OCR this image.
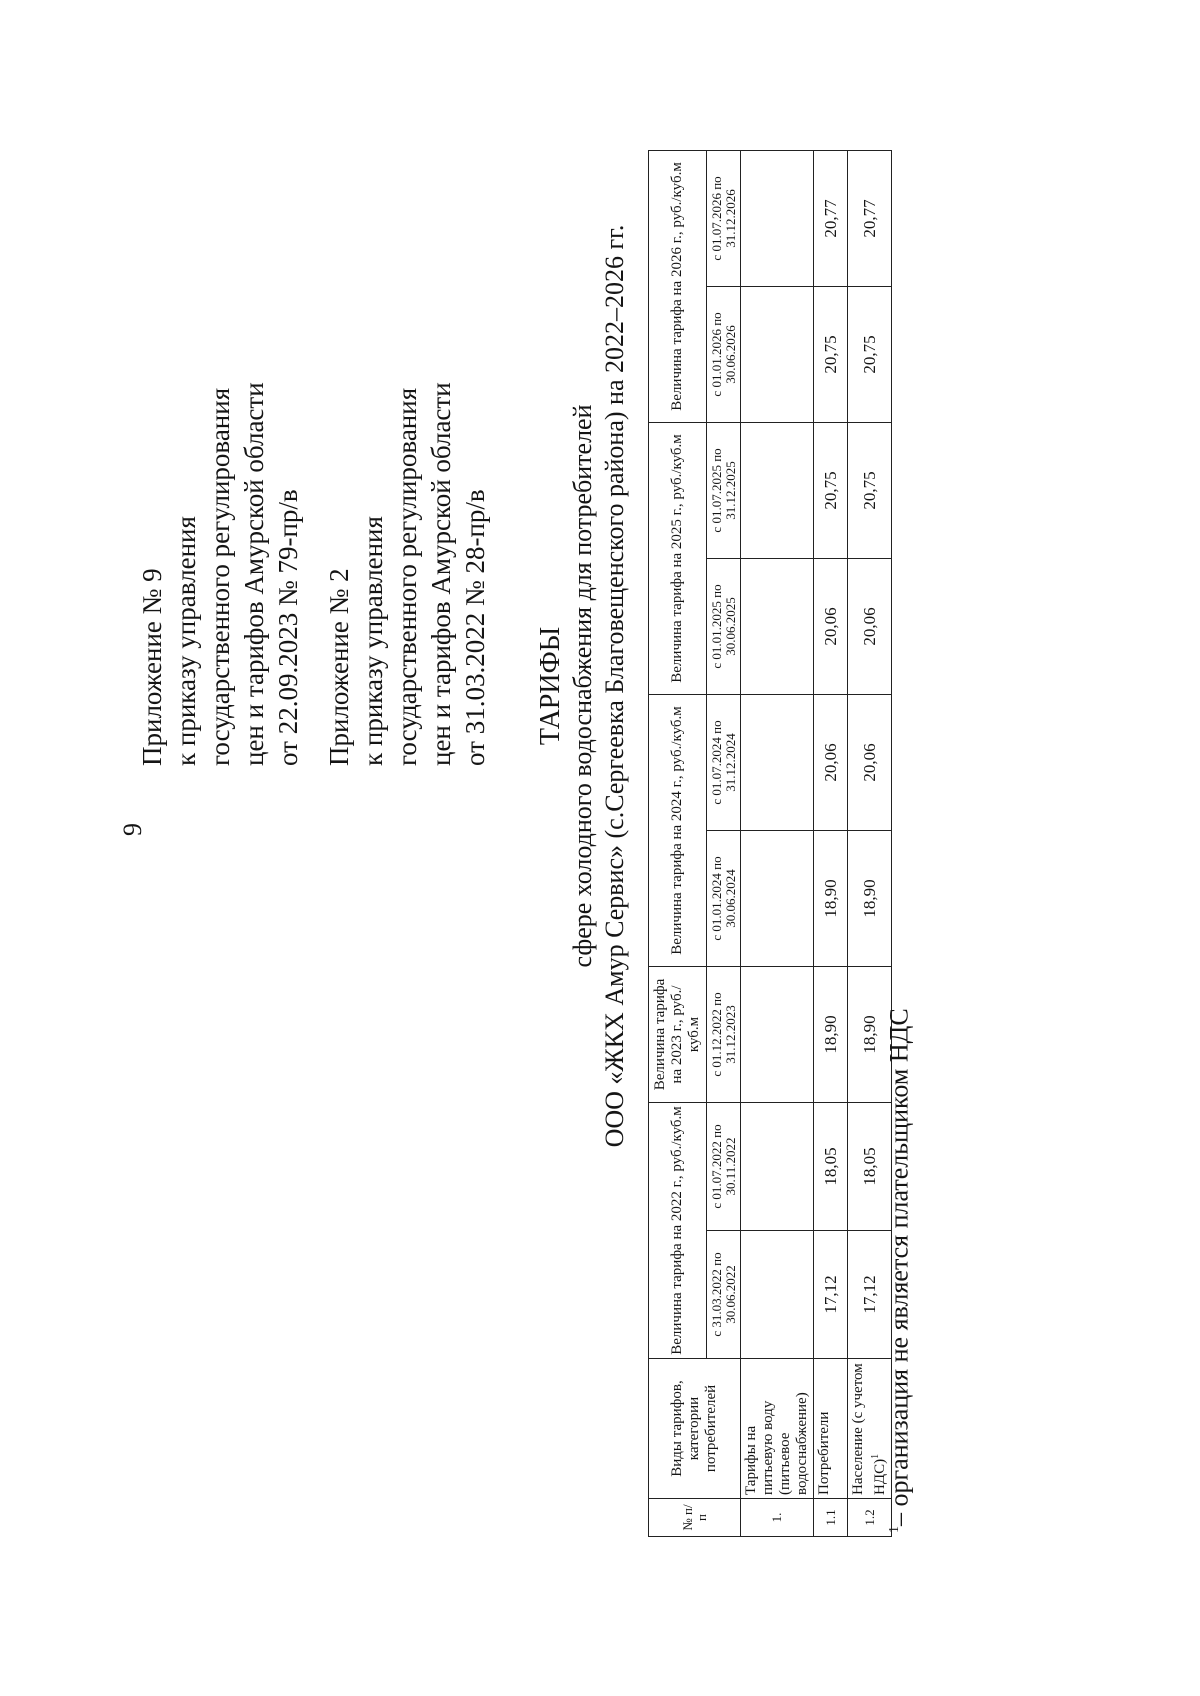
9
Приложение № 9 к приказу управления государственного регулирования цен и тарифов Амурской области от 22.09.2023 № 79-пр/в Приложение № 2 к приказу управления государственного регулирования цен и тарифов Амурской области от 31.03.2022 № 28-пр/в ТАРИФЫ сфере холодного водоснабжения для потребителей ООО «ЖКХ Амур Сервис» (с.Сергеевка Благовещенского района) на 2022–2026 гг.
№ п/п	Виды тарифов, категории потребителей	Величина тарифа на 2022 г., руб./куб.м		Величина тарифа на 2023 г., руб./куб.м	Величина тарифа на 2024 г., руб./куб.м		Величина тарифа на 2025 г., руб./куб.м		Величина тарифа на 2026 г., руб./куб.м	
		с 31.03.2022 по 30.06.2022	с 01.07.2022 по 30.11.2022	с 01.12.2022 по 31.12.2023	с 01.01.2024 по 30.06.2024	с 01.07.2024 по 31.12.2024	с 01.01.2025 по 30.06.2025	с 01.07.2025 по 31.12.2025	с 01.01.2026 по 30.06.2026	с 01.07.2026 по 31.12.2026
1.	Тарифы на питьевую воду (питьевое водоснабжение)									
1.1	Потребители	17,12	18,05	18,90	18,90	20,06	20,06	20,75	20,75	20,77
1.2	Население (с учетом НДС)$^1$	17,12	18,05	18,90	18,90	20,06	20,06	20,75	20,75	20,77
$^1$– организация не является плательщиком НДС
